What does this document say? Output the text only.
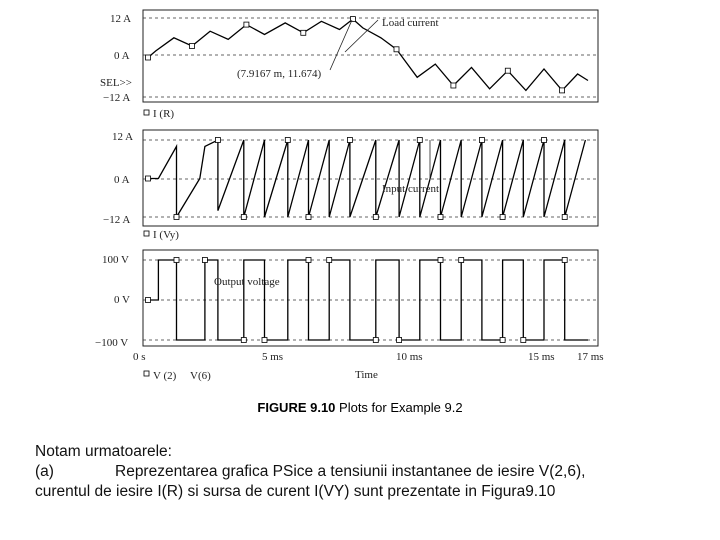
12 A
0 A
SEL>>
−12 A
Load current
(7.9167 m, 11.674)
I (R)
12 A
0 A
−12 A
Input current
I (Vy)
100 V
0 V
−100 V
Output voltage
0 s	5 ms	10 ms	15 ms 17 ms
V (2) V(6)	Time
FIGURE 9.10 Plots for Example 9.2
Notam urmatoarele:
(a)	Reprezentarea grafica PSice a tensiunii instantanee de iesire V(2,6),
curentul de iesire I(R) si sursa de curent I(VY) sunt prezentate in Figura9.10
